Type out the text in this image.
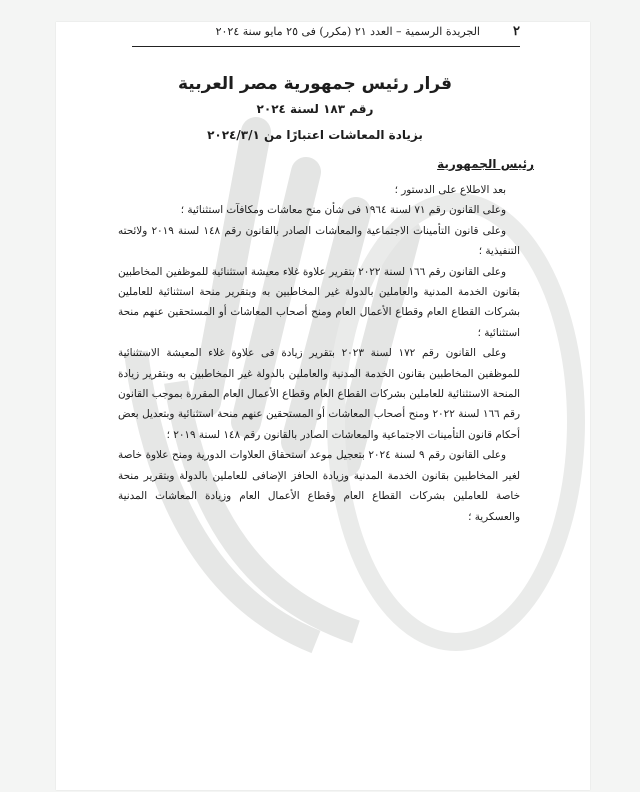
٢
الجريدة الرسمية – العدد ٢١ (مكرر) فى ٢٥ مايو سنة ٢٠٢٤
قرار رئيس جمهورية مصر العربية
رقم ١٨٣ لسنة ٢٠٢٤
بزيادة المعاشات اعتبارًا من ٢٠٢٤/٣/١
رئيس الجمهورية

بعد الاطلاع على الدستور ؛

وعلى القانون رقم ٧١ لسنة ١٩٦٤ فى شأن منح معاشات ومكافآت استثنائية ؛

وعلى قانون التأمينات الاجتماعية والمعاشات الصادر بالقانون رقم ١٤٨ لسنة ٢٠١٩ ولائحته التنفيذية ؛

وعلى القانون رقم ١٦٦ لسنة ٢٠٢٢ بتقرير علاوة غلاء معيشة استثنائية للموظفين المخاطبين بقانون الخدمة المدنية والعاملين بالدولة غير المخاطبين به وبتقرير منحة استثنائية للعاملين بشركات القطاع العام وقطاع الأعمال العام ومنح أصحاب المعاشات أو المستحقين عنهم منحة استثنائية ؛

وعلى القانون رقم ١٧٢ لسنة ٢٠٢٣ بتقرير زيادة فى علاوة غلاء المعيشة الاستثنائية للموظفين المخاطبين بقانون الخدمة المدنية والعاملين بالدولة غير المخاطبين به وبتقرير زيادة المنحة الاستثنائية للعاملين بشركات القطاع العام وقطاع الأعمال العام المقررة بموجب القانون رقم ١٦٦ لسنة ٢٠٢٢ ومنح أصحاب المعاشات أو المستحقين عنهم منحة استثنائية وبتعديل بعض أحكام قانون التأمينات الاجتماعية والمعاشات الصادر بالقانون رقم ١٤٨ لسنة ٢٠١٩ ؛

وعلى القانون رقم ٩ لسنة ٢٠٢٤ بتعجيل موعد استحقاق العلاوات الدورية ومنح علاوة خاصة لغير المخاطبين بقانون الخدمة المدنية وزيادة الحافز الإضافى للعاملين بالدولة وبتقرير منحة خاصة للعاملين بشركات القطاع العام وقطاع الأعمال العام وزيادة المعاشات المدنية والعسكرية ؛
